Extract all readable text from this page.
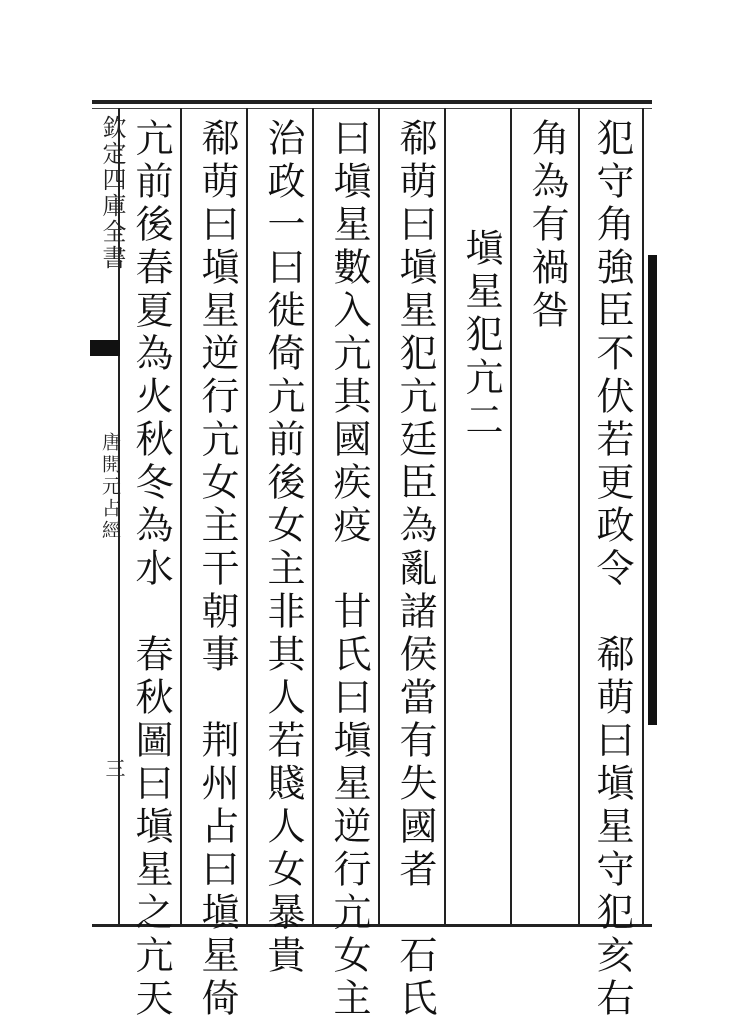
欽定四庫全書
唐開元占經
三	犯守角強臣不伏若更政令　郗萌曰塡星守犯亥右
角為有禍咎
塡星犯亢二
郗萌曰塡星犯亢廷臣為亂諸侯當有失國者　石氏
曰塡星數入亢其國疾疫　甘氏曰塡星逆行亢女主
治政一曰徙倚亢前後女主非其人若賤人女暴貴
郗萌曰塡星逆行亢女主干朝事　荆州占曰塡星倚
亢前後春夏為火秋冬為水　春秋圖曰塡星之亢天
